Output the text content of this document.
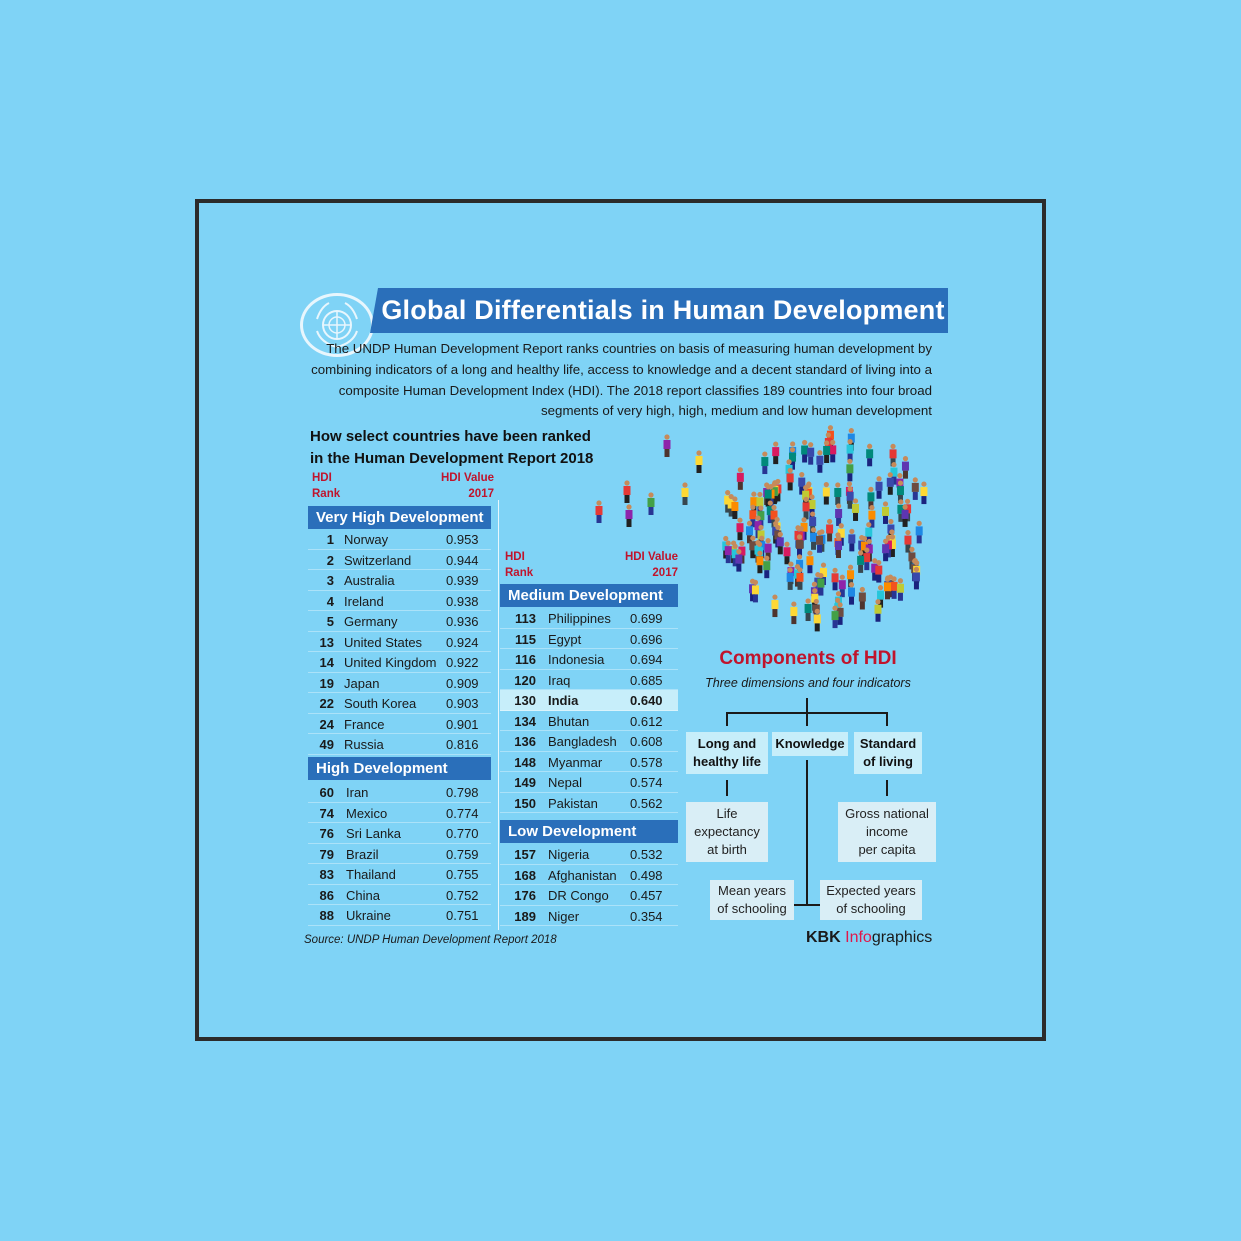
Global Differentials in Human Development
The UNDP Human Development Report ranks countries on basis of measuring human development by combining indicators of a long and healthy life, access to knowledge and a decent standard of living into a composite Human Development Index (HDI). The 2018 report classifies 189 countries into four broad segments of very high, high, medium and low human development
How select countries have been ranked
in the Human Development Report 2018
HDI
Rank
HDI Value
2017
HDI
Rank
HDI Value
2017
Very High Development
High Development
Medium Development
Low Development
1 Norway	0.953
2 Switzerland	0.944
3 Australia	0.939
4 Ireland	0.938
5 Germany	0.936
13 United States 0.924
14 United Kingdom 0.922
19 Japan	0.909
22 South Korea 0.903
24 France	0.901
49 Russia	0.816
60 Iran	0.798
74 Mexico	0.774
76 Sri Lanka	0.770
79 Brazil	0.759
83 Thailand	0.755
86 China	0.752
88 Ukraine	0.751
113 Philippines 0.699
115 Egypt	0.696
116 Indonesia 0.694
120 Iraq	0.685
130 India	0.640
134 Bhutan	0.612
136 Bangladesh 0.608
148 Myanmar 0.578
149 Nepal	0.574
150 Pakistan 0.562
157 Nigeria	0.532
168 Afghanistan 0.498
176 DR Congo 0.457
189 Niger	0.354
Components of HDI
Three dimensions and four indicators
Long and
healthy life
Knowledge	Standard
of living
Life
expectancy
at birth
Gross national
income
per capita
Mean years
of schooling
Expected years
of schooling
Source: UNDP Human Development Report 2018	KBK Infographics
